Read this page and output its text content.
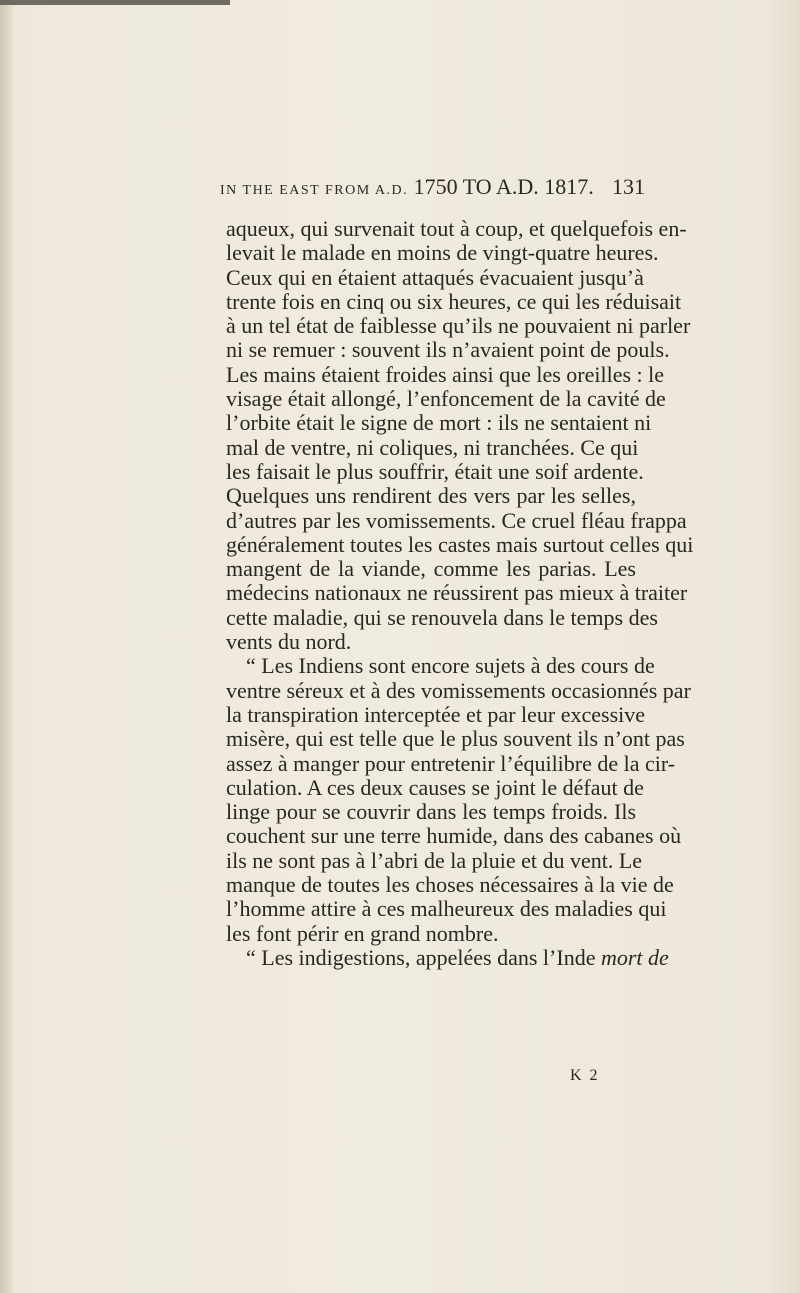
IN THE EAST FROM A.D. 1750 TO A.D. 1817. 131
aqueux, qui survenait tout à coup, et quelquefois en-
levait le malade en moins de vingt-quatre heures.
Ceux qui en étaient attaqués évacuaient jusqu’à
trente fois en cinq ou six heures, ce qui les réduisait
à un tel état de faiblesse qu’ils ne pouvaient ni parler
ni se remuer : souvent ils n’avaient point de pouls.
Les mains étaient froides ainsi que les oreilles : le
visage était allongé, l’enfoncement de la cavité de
l’orbite était le signe de mort : ils ne sentaient ni
mal de ventre, ni coliques, ni tranchées. Ce qui
les faisait le plus souffrir, était une soif ardente.
Quelques uns rendirent des vers par les selles,
d’autres par les vomissements. Ce cruel fléau frappa
généralement toutes les castes mais surtout celles qui
mangent de la viande, comme les parias. Les
médecins nationaux ne réussirent pas mieux à traiter
cette maladie, qui se renouvela dans le temps des
vents du nord.
“ Les Indiens sont encore sujets à des cours de
ventre séreux et à des vomissements occasionnés par
la transpiration interceptée et par leur excessive
misère, qui est telle que le plus souvent ils n’ont pas
assez à manger pour entretenir l’équilibre de la cir-
culation. A ces deux causes se joint le défaut de
linge pour se couvrir dans les temps froids. Ils
couchent sur une terre humide, dans des cabanes où
ils ne sont pas à l’abri de la pluie et du vent. Le
manque de toutes les choses nécessaires à la vie de
l’homme attire à ces malheureux des maladies qui
les font périr en grand nombre.
“ Les indigestions, appelées dans l’Inde mort de
K 2
